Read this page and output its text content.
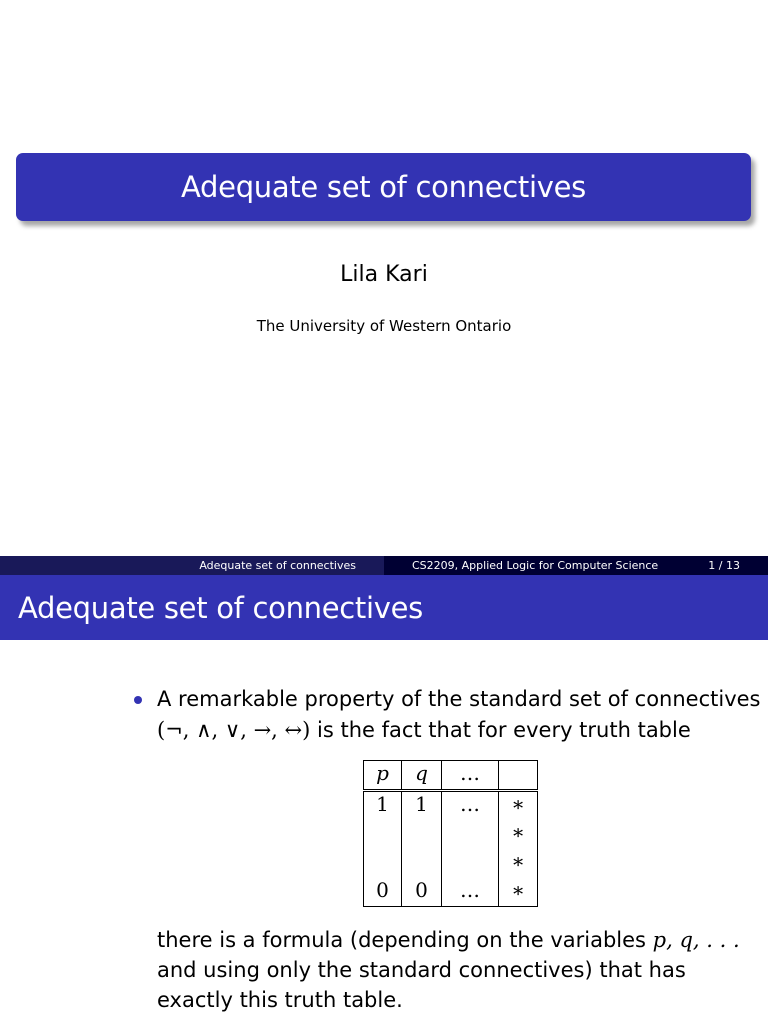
Adequate set of connectives
Lila Kari
The University of Western Ontario
Adequate set of connectives	CS2209, Applied Logic for Computer Science	1 / 13
Adequate set of connectives
A remarkable property of the standard set of connectives
(¬, ∧, ∨, →, ↔) is the fact that for every truth table
p	q	…	
1	1	…	∗
			∗
			∗
0	0	…	∗
there is a formula (depending on the variables p, q, . . .
and using only the standard connectives) that has
exactly this truth table.
